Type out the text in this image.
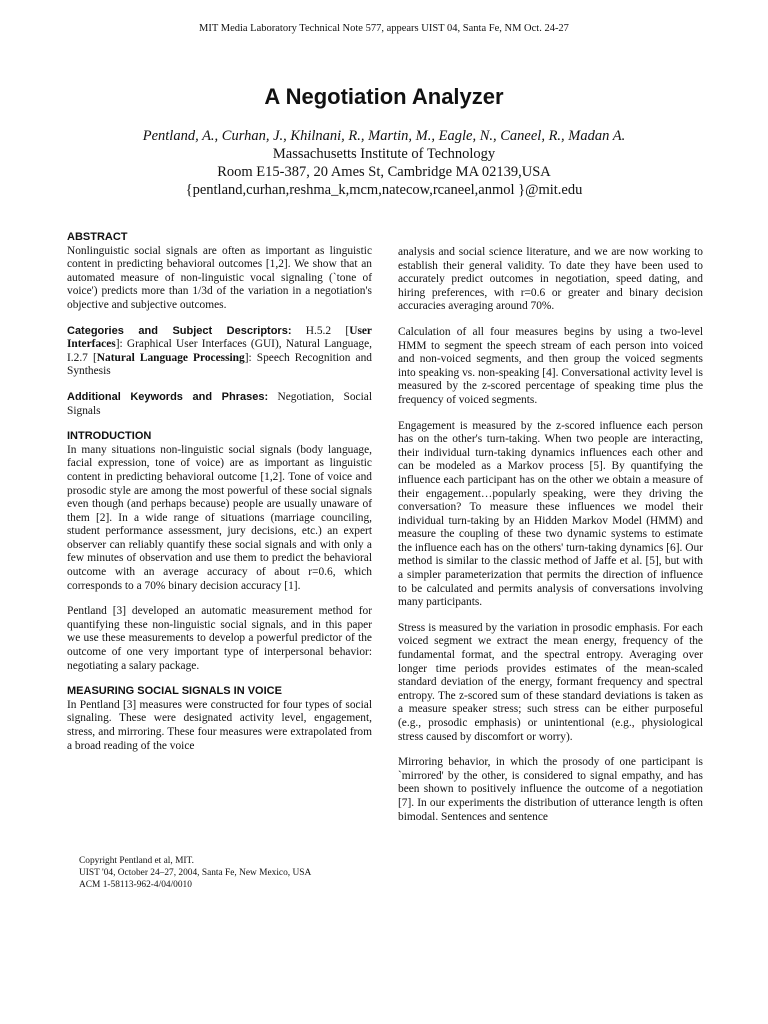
MIT Media Laboratory Technical Note 577, appears UIST 04, Santa Fe, NM Oct. 24-27
A Negotiation Analyzer
Pentland, A., Curhan, J., Khilnani, R., Martin, M., Eagle, N., Caneel, R., Madan A.
Massachusetts Institute of Technology
Room E15-387, 20 Ames St, Cambridge MA 02139,USA
{pentland,curhan,reshma_k,mcm,natecow,rcaneel,anmol }@mit.edu
ABSTRACT

Nonlinguistic social signals are often as important as linguistic content in predicting behavioral outcomes [1,2]. We show that an automated measure of non-linguistic vocal signaling (`tone of voice') predicts more than 1/3d of the variation in a negotiation's objective and subjective outcomes.

Categories and Subject Descriptors: H.5.2 [User Interfaces]: Graphical User Interfaces (GUI), Natural Language, I.2.7 [Natural Language Processing]: Speech Recognition and Synthesis

Additional Keywords and Phrases: Negotiation, Social Signals

INTRODUCTION

In many situations non-linguistic social signals (body language, facial expression, tone of voice) are as important as linguistic content in predicting behavioral outcome [1,2]. Tone of voice and prosodic style are among the most powerful of these social signals even though (and perhaps because) people are usually unaware of them [2]. In a wide range of situations (marriage counciling, student performance assessment, jury decisions, etc.) an expert observer can reliably quantify these social signals and with only a few minutes of observation and use them to predict the behavioral outcome with an average accuracy of about r=0.6, which corresponds to a 70% binary decision accuracy [1].

Pentland [3] developed an automatic measurement method for quantifying these non-linguistic social signals, and in this paper we use these measurements to develop a powerful predictor of the outcome of one very important type of interpersonal behavior: negotiating a salary package.

MEASURING SOCIAL SIGNALS IN VOICE

In Pentland [3] measures were constructed for four types of social signaling. These were designated activity level, engagement, stress, and mirroring. These four measures were extrapolated from a broad reading of the voice

Copyright Pentland et al, MIT.
UIST '04, October 24–27, 2004, Santa Fe, New Mexico, USA
ACM 1-58113-962-4/04/0010

analysis and social science literature, and we are now working to establish their general validity. To date they have been used to accurately predict outcomes in negotiation, speed dating, and hiring preferences, with r=0.6 or greater and binary decision accuracies averaging around 70%.

Calculation of all four measures begins by using a two-level HMM to segment the speech stream of each person into voiced and non-voiced segments, and then group the voiced segments into speaking vs. non-speaking [4]. Conversational activity level is measured by the z-scored percentage of speaking time plus the frequency of voiced segments.

Engagement is measured by the z-scored influence each person has on the other's turn-taking. When two people are interacting, their individual turn-taking dynamics influences each other and can be modeled as a Markov process [5]. By quantifying the influence each participant has on the other we obtain a measure of their engagement…popularly speaking, were they driving the conversation? To measure these influences we model their individual turn-taking by an Hidden Markov Model (HMM) and measure the coupling of these two dynamic systems to estimate the influence each has on the others' turn-taking dynamics [6]. Our method is similar to the classic method of Jaffe et al. [5], but with a simpler parameterization that permits the direction of influence to be calculated and permits analysis of conversations involving many participants.

Stress is measured by the variation in prosodic emphasis. For each voiced segment we extract the mean energy, frequency of the fundamental format, and the spectral entropy. Averaging over longer time periods provides estimates of the mean-scaled standard deviation of the energy, formant frequency and spectral entropy. The z-scored sum of these standard deviations is taken as a measure speaker stress; such stress can be either purposeful (e.g., prosodic emphasis) or unintentional (e.g., physiological stress caused by discomfort or worry).

Mirroring behavior, in which the prosody of one participant is `mirrored' by the other, is considered to signal empathy, and has been shown to positively influence the outcome of a negotiation [7]. In our experiments the distribution of utterance length is often bimodal. Sentences and sentence
